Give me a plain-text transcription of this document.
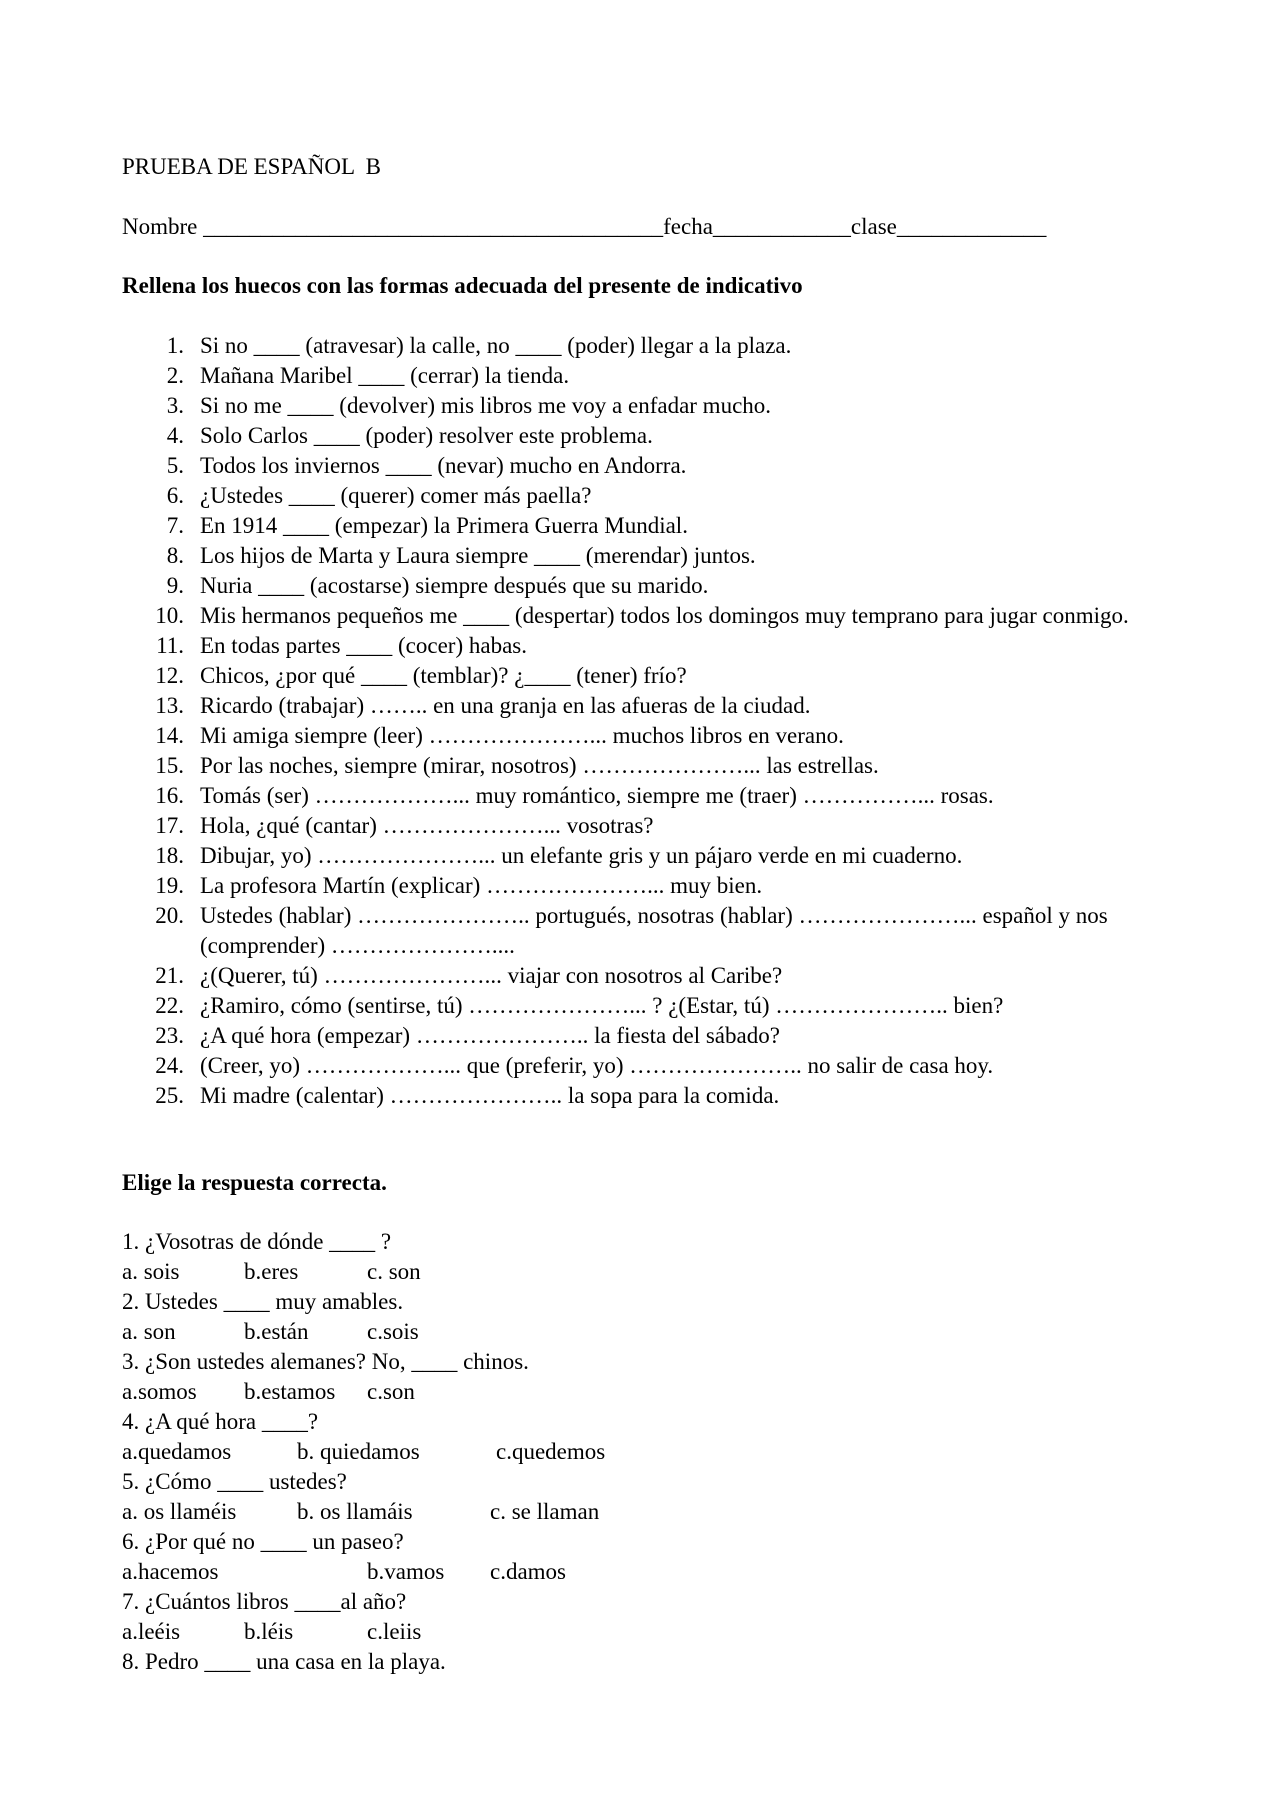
PRUEBA DE ESPAÑOL  B
Nombre ________________________________________fecha____________clase_____________
Rellena los huecos con las formas adecuada del presente de indicativo
1. Si no ____ (atravesar) la calle, no ____ (poder) llegar a la plaza.
2. Mañana Maribel ____ (cerrar) la tienda.
3. Si no me ____ (devolver) mis libros me voy a enfadar mucho.
4. Solo Carlos ____ (poder) resolver este problema.
5. Todos los inviernos ____ (nevar) mucho en Andorra.
6. ¿Ustedes ____ (querer) comer más paella?
7. En 1914 ____ (empezar) la Primera Guerra Mundial.
8. Los hijos de Marta y Laura siempre ____ (merendar) juntos.
9. Nuria ____ (acostarse) siempre después que su marido.
10. Mis hermanos pequeños me ____ (despertar) todos los domingos muy temprano para jugar conmigo.
11. En todas partes ____ (cocer) habas.
12. Chicos, ¿por qué ____ (temblar)? ¿____ (tener) frío?
13. Ricardo (trabajar) …….. en una granja en las afueras de la ciudad.
14. Mi amiga siempre (leer) …………………... muchos libros en verano.
15. Por las noches, siempre (mirar, nosotros) …………………... las estrellas.
16. Tomás (ser) ………………... muy romántico, siempre me (traer) ……………... rosas.
17. Hola, ¿qué (cantar) …………………... vosotras?
18. Dibujar, yo) …………………... un elefante gris y un pájaro verde en mi cuaderno.
19. La profesora Martín (explicar) …………………... muy bien.
20. Ustedes (hablar) ………………….. portugués, nosotras (hablar) …………………... español y nos (comprender) …………………....
21. ¿(Querer, tú) …………………... viajar con nosotros al Caribe?
22. ¿Ramiro, cómo (sentirse, tú) …………………... ? ¿(Estar, tú) ………………….. bien?
23. ¿A qué hora (empezar) ………………….. la fiesta del sábado?
24. (Creer, yo) ………………... que (preferir, yo) ………………….. no salir de casa hoy.
25. Mi madre (calentar) ………………….. la sopa para la comida.
Elige la respuesta correcta.
1. ¿Vosotras de dónde ____ ?
a. sois	b.eres	c. son
2. Ustedes ____ muy amables.
a. son	b.están	c.sois
3. ¿Son ustedes alemanes? No, ____ chinos.
a.somos b.estamos c.son
4. ¿A qué hora ____?
a.quedamos	b. quiedamos	c.quedemos
5. ¿Cómo ____ ustedes?
a. os llaméis	b. os llamáis	c. se llaman
6. ¿Por qué no ____ un paseo?
a.hacemos	b.vamos c.damos
7. ¿Cuántos libros ____al año?
a.leéis	b.léis	c.leiis
8. Pedro ____ una casa en la playa.
